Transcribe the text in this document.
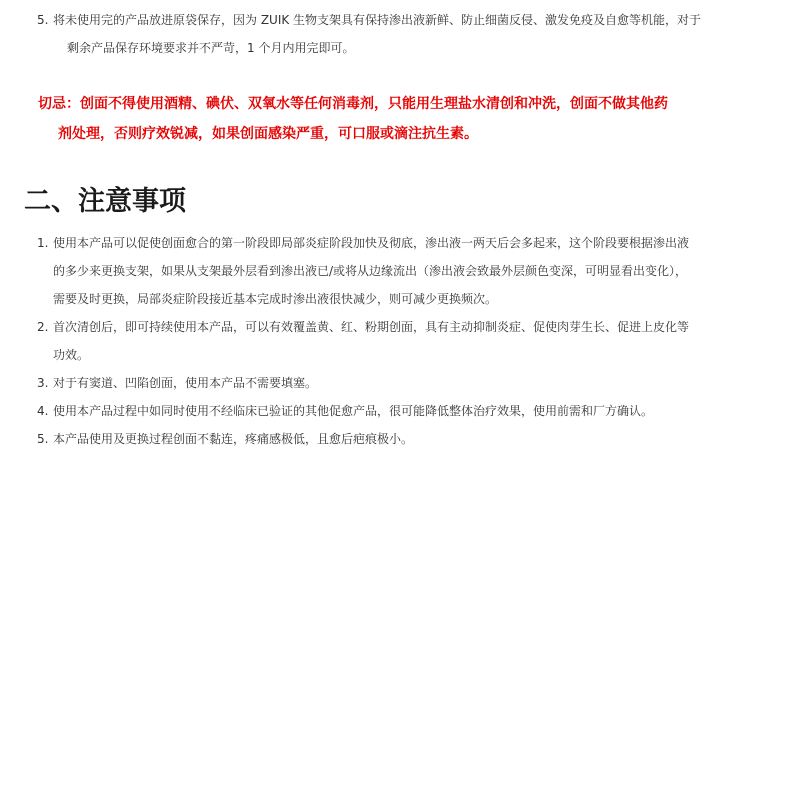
5. 将未使用完的产品放进原袋保存，因为 ZUIK 生物支架具有保持渗出液新鲜、防止细菌反侵、激发免疫及自愈等机能，对于
剩余产品保存环境要求并不严苛，1 个月内用完即可。
切忌：创面不得使用酒精、碘伏、双氧水等任何消毒剂，只能用生理盐水清创和冲洗，创面不做其他药
剂处理，否则疗效锐减，如果创面感染严重，可口服或滴注抗生素。
二、注意事项
1. 使用本产品可以促使创面愈合的第一阶段即局部炎症阶段加快及彻底，渗出液一两天后会多起来，这个阶段要根据渗出液
的多少来更换支架，如果从支架最外层看到渗出液已/或将从边缘流出（渗出液会致最外层颜色变深，可明显看出变化），
需要及时更换，局部炎症阶段接近基本完成时渗出液很快减少，则可减少更换频次。
2. 首次清创后，即可持续使用本产品，可以有效覆盖黄、红、粉期创面，具有主动抑制炎症、促使肉芽生长、促进上皮化等
功效。
3. 对于有窦道、凹陷创面，使用本产品不需要填塞。
4. 使用本产品过程中如同时使用不经临床已验证的其他促愈产品，很可能降低整体治疗效果，使用前需和厂方确认。
5. 本产品使用及更换过程创面不黏连，疼痛感极低，且愈后疤痕极小。
